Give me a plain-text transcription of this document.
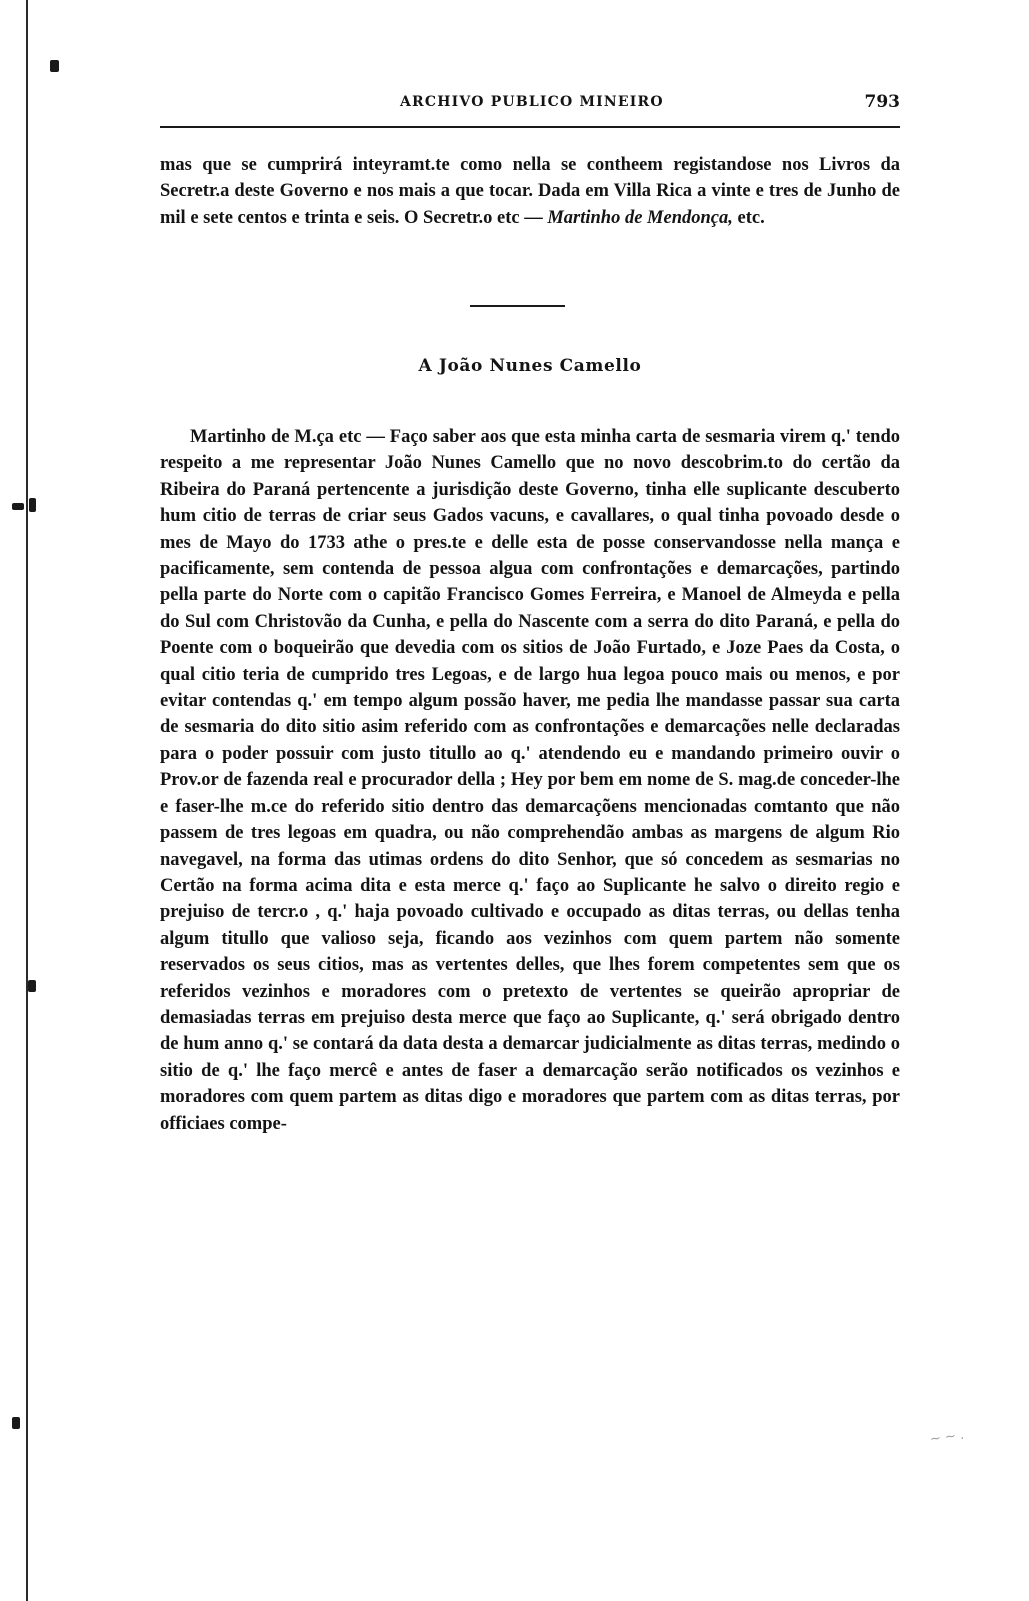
ARCHIVO PUBLICO MINEIRO	793

mas que se cumprirá inteyramt.te como nella se contheem registandose nos Livros da Secretr.a deste Governo e nos mais a que tocar. Dada em Villa Rica a vinte e tres de Junho de mil e sete centos e trinta e seis. O Secretr.o etc — Martinho de Mendonça, etc.

A João Nunes Camello

Martinho de M.ça etc — Faço saber aos que esta minha carta de sesmaria virem q.' tendo respeito a me representar João Nunes Camello que no novo descobrim.to do certão da Ribeira do Paraná pertencente a jurisdição deste Governo, tinha elle suplicante descuberto hum citio de terras de criar seus Gados vacuns, e cavallares, o qual tinha povoado desde o mes de Mayo do 1733 athe o pres.te e delle esta de posse conservandosse nella mança e pacificamente, sem contenda de pessoa algua com confrontações e demarcações, partindo pella parte do Norte com o capitão Francisco Gomes Ferreira, e Manoel de Almeyda e pella do Sul com Christovão da Cunha, e pella do Nascente com a serra do dito Paraná, e pella do Poente com o boqueirão que devedia com os sitios de João Furtado, e Joze Paes da Costa, o qual citio teria de cumprido tres Legoas, e de largo hua legoa pouco mais ou menos, e por evitar contendas q.' em tempo algum possão haver, me pedia lhe mandasse passar sua carta de sesmaria do dito sitio asim referido com as confrontações e demarcações nelle declaradas para o poder possuir com justo titullo ao q.' atendendo eu e mandando primeiro ouvir o Prov.or de fazenda real e procurador della ; Hey por bem em nome de S. mag.de conceder-lhe e faser-lhe m.ce do referido sitio dentro das demarcaçõens mencionadas comtanto que não passem de tres legoas em quadra, ou não comprehendão ambas as margens de algum Rio navegavel, na forma das utimas ordens do dito Senhor, que só concedem as sesmarias no Certão na forma acima dita e esta merce q.' faço ao Suplicante he salvo o direito regio e prejuiso de tercr.o , q.' haja povoado cultivado e occupado as ditas terras, ou dellas tenha algum titullo que valioso seja, ficando aos vezinhos com quem partem não somente reservados os seus citios, mas as vertentes delles, que lhes forem competentes sem que os referidos vezinhos e moradores com o pretexto de vertentes se queirão apropriar de demasiadas terras em prejuiso desta merce que faço ao Suplicante, q.' será obrigado dentro de hum anno q.' se contará da data desta a demarcar judicialmente as ditas terras, medindo o sitio de q.' lhe faço mercê e antes de faser a demarcação serão notificados os vezinhos e moradores com quem partem as ditas digo e moradores que partem com as ditas terras, por officiaes compe-

~ ~ .
